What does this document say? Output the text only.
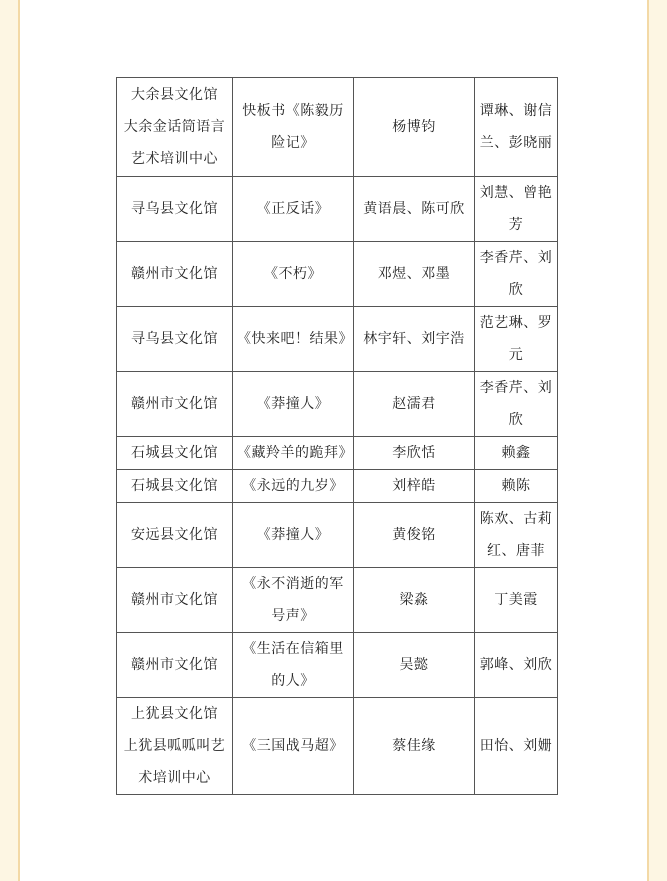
大余县文化馆
大余金话筒语言
艺术培训中心	快板书《陈毅历险记》	杨博钧	谭琳、谢信兰、彭晓丽

寻乌县文化馆	《正反话》	黄语晨、陈可欣	刘慧、曾艳芳

赣州市文化馆	《不朽》	邓煜、邓墨	李香芹、刘欣

寻乌县文化馆	《快来吧！结果》	林宇轩、刘宇浩	范艺琳、罗元

赣州市文化馆	《莽撞人》	赵濡君	李香芹、刘欣

石城县文化馆	《藏羚羊的跪拜》	李欣恬	赖鑫

石城县文化馆	《永远的九岁》	刘梓皓	赖陈

安远县文化馆	《莽撞人》	黄俊铭	陈欢、古莉红、唐菲

赣州市文化馆	《永不消逝的军号声》	梁淼	丁美霞

赣州市文化馆	《生活在信箱里的人》	吴懿	郭峰、刘欣

上犹县文化馆
上犹县呱呱叫艺
术培训中心	《三国战马超》	蔡佳缘	田怡、刘姗
